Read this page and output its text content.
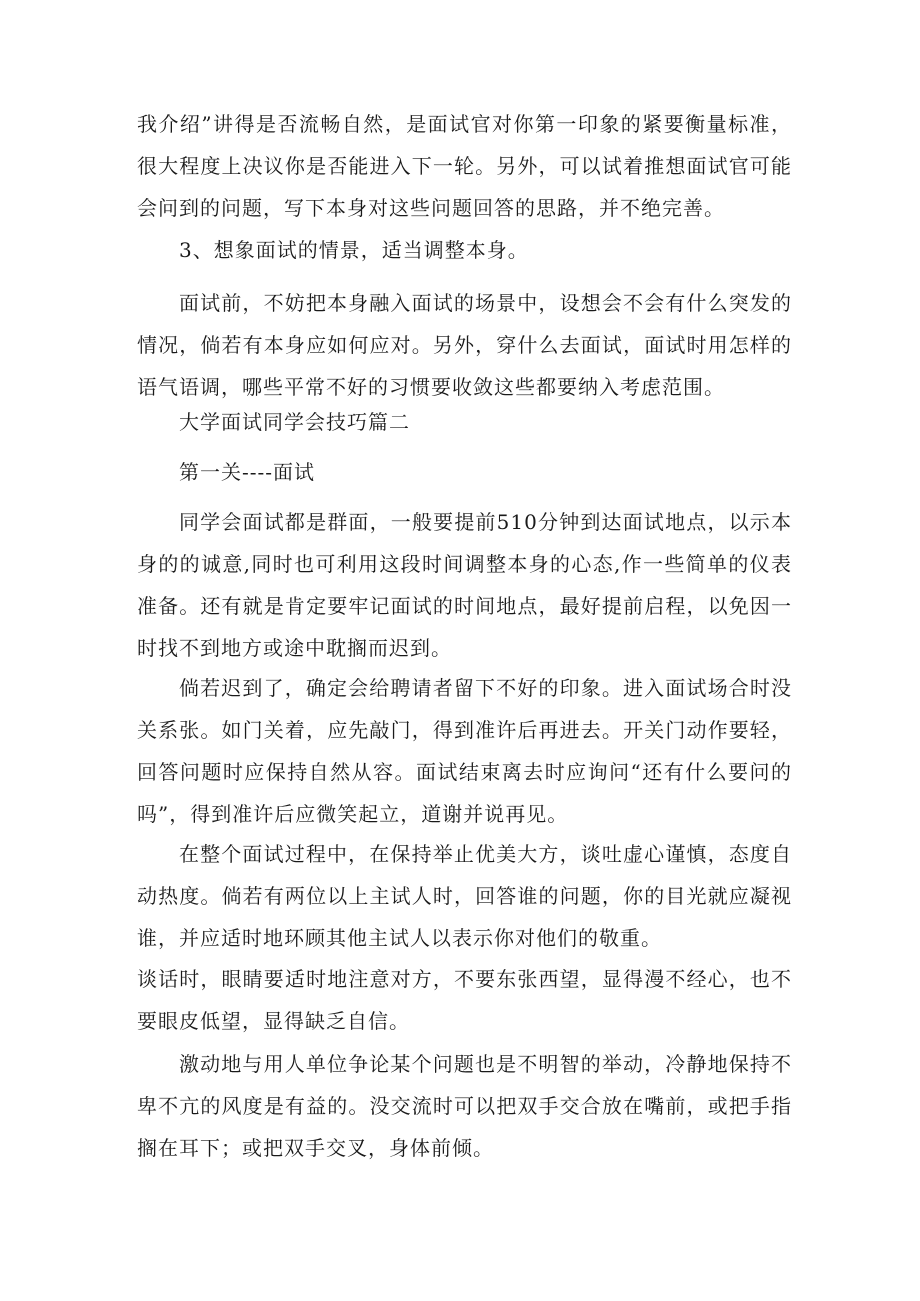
我介绍”讲得是否流畅自然，是面试官对你第一印象的紧要衡量标准，很大程度上决议你是否能进入下一轮。另外，可以试着推想面试官可能会问到的问题，写下本身对这些问题回答的思路，并不绝完善。

3、想象面试的情景，适当调整本身。

面试前，不妨把本身融入面试的场景中，设想会不会有什么突发的情况，倘若有本身应如何应对。另外，穿什么去面试，面试时用怎样的语气语调，哪些平常不好的习惯要收敛这些都要纳入考虑范围。

大学面试同学会技巧篇二

第一关----面试

同学会面试都是群面，一般要提前510分钟到达面试地点，以示本身的的诚意,同时也可利用这段时间调整本身的心态,作一些简单的仪表准备。还有就是肯定要牢记面试的时间地点，最好提前启程，以免因一时找不到地方或途中耽搁而迟到。

倘若迟到了，确定会给聘请者留下不好的印象。进入面试场合时没关系张。如门关着，应先敲门，得到准许后再进去。开关门动作要轻，回答问题时应保持自然从容。面试结束离去时应询问“还有什么要问的吗”，得到准许后应微笑起立，道谢并说再见。

在整个面试过程中，在保持举止优美大方，谈吐虚心谨慎，态度自动热度。倘若有两位以上主试人时，回答谁的问题，你的目光就应凝视谁，并应适时地环顾其他主试人以表示你对他们的敬重。

谈话时，眼睛要适时地注意对方，不要东张西望，显得漫不经心，也不要眼皮低望，显得缺乏自信。

激动地与用人单位争论某个问题也是不明智的举动，冷静地保持不卑不亢的风度是有益的。没交流时可以把双手交合放在嘴前，或把手指搁在耳下；或把双手交叉，身体前倾。
